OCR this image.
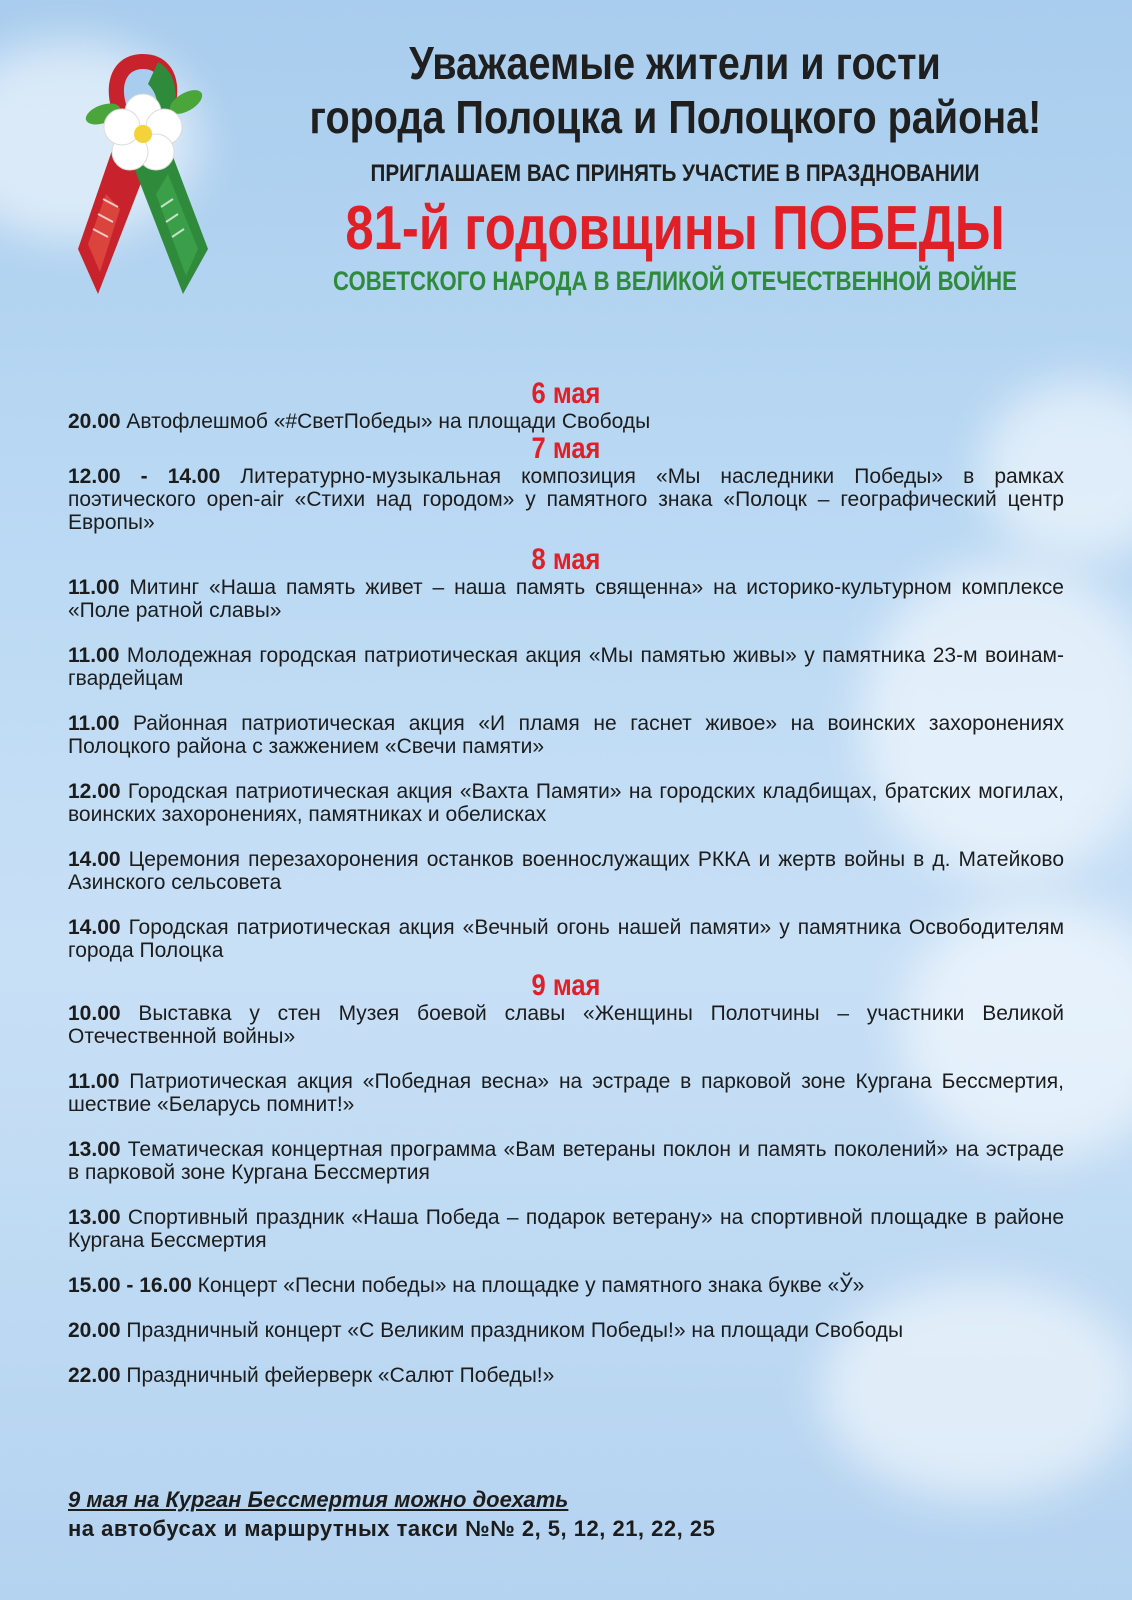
Уважаемые жители и гости
города Полоцка и Полоцкого района!
ПРИГЛАШАЕМ ВАС ПРИНЯТЬ УЧАСТИЕ В ПРАЗДНОВАНИИ
81-й годовщины ПОБЕДЫ
СОВЕТСКОГО НАРОДА В ВЕЛИКОЙ ОТЕЧЕСТВЕННОЙ ВОЙНЕ
6 мая

20.00 Автофлешмоб «#СветПобеды» на площади Свободы

7 мая

12.00 - 14.00 Литературно-музыкальная композиция «Мы наследники Победы» в рамках поэтического open-air «Стихи над городом» у памятного знака «Полоцк – географический центр Европы»

8 мая

11.00 Митинг «Наша память живет – наша память священна» на историко-культурном комплексе «Поле ратной славы»

11.00 Молодежная городская патриотическая акция «Мы памятью живы» у памятника 23-м воинам-гвардейцам

11.00 Районная патриотическая акция «И пламя не гаснет живое» на воинских захоронениях Полоцкого района с зажжением «Свечи памяти»

12.00 Городская патриотическая акция «Вахта Памяти» на городских кладбищах, братских могилах, воинских захоронениях, памятниках и обелисках

14.00 Церемония перезахоронения останков военнослужащих РККА и жертв войны в д. Матейково Азинского сельсовета

14.00 Городская патриотическая акция «Вечный огонь нашей памяти» у памятника Освободителям города Полоцка

9 мая

10.00 Выставка у стен Музея боевой славы «Женщины Полотчины – участники Великой Отечественной войны»

11.00 Патриотическая акция «Победная весна» на эстраде в парковой зоне Кургана Бессмертия, шествие «Беларусь помнит!»

13.00 Тематическая концертная программа «Вам ветераны поклон и память поколений» на эстраде в парковой зоне Кургана Бессмертия

13.00 Спортивный праздник «Наша Победа – подарок ветерану» на спортивной площадке в районе Кургана Бессмертия

15.00 - 16.00 Концерт «Песни победы» на площадке у памятного знака букве «Ў»

20.00 Праздничный концерт «С Великим праздником Победы!» на площади Свободы

22.00 Праздничный фейерверк «Салют Победы!»

9 мая на Курган Бессмертия можно доехать
на автобусах и маршрутных такси №№ 2, 5, 12, 21, 22, 25
